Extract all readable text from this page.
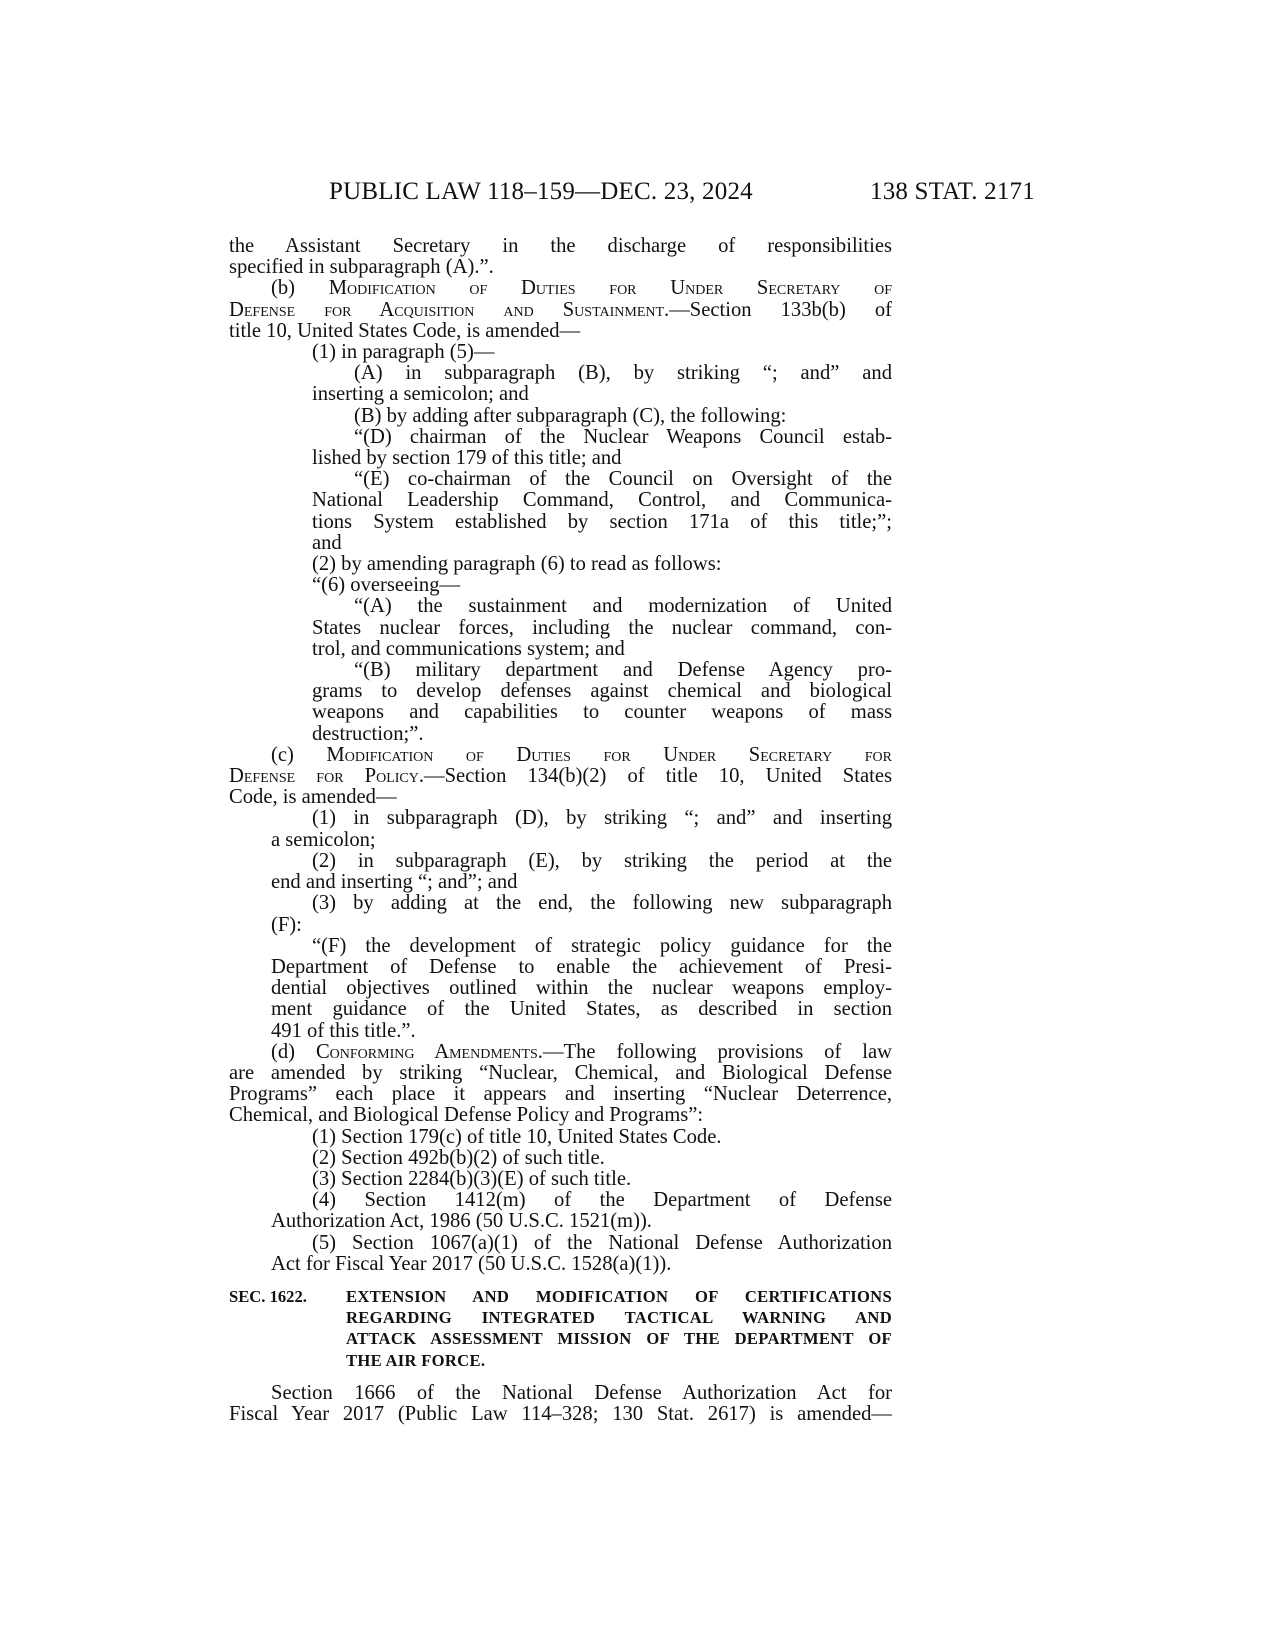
PUBLIC LAW 118–159—DEC. 23, 2024	138 STAT. 2171
the Assistant Secretary in the discharge of responsibilities
specified in subparagraph (A).”.
(b) Modification of Duties for Under Secretary of
Defense for Acquisition and Sustainment.—Section 133b(b) of
title 10, United States Code, is amended—
(1) in paragraph (5)—
(A) in subparagraph (B), by striking “; and” and
inserting a semicolon; and
(B) by adding after subparagraph (C), the following:
“(D) chairman of the Nuclear Weapons Council estab-
lished by section 179 of this title; and
“(E) co-chairman of the Council on Oversight of the
National Leadership Command, Control, and Communica-
tions System established by section 171a of this title;”;
and
(2) by amending paragraph (6) to read as follows:
“(6) overseeing—
“(A) the sustainment and modernization of United
States nuclear forces, including the nuclear command, con-
trol, and communications system; and
“(B) military department and Defense Agency pro-
grams to develop defenses against chemical and biological
weapons and capabilities to counter weapons of mass
destruction;”.
(c) Modification of Duties for Under Secretary for
Defense for Policy.—Section 134(b)(2) of title 10, United States
Code, is amended—
(1) in subparagraph (D), by striking “; and” and inserting
a semicolon;
(2) in subparagraph (E), by striking the period at the
end and inserting “; and”; and
(3) by adding at the end, the following new subparagraph
(F):
“(F) the development of strategic policy guidance for the
Department of Defense to enable the achievement of Presi-
dential objectives outlined within the nuclear weapons employ-
ment guidance of the United States, as described in section
491 of this title.”.
(d) Conforming Amendments.—The following provisions of law
are amended by striking “Nuclear, Chemical, and Biological Defense
Programs” each place it appears and inserting “Nuclear Deterrence,
Chemical, and Biological Defense Policy and Programs”:
(1) Section 179(c) of title 10, United States Code.
(2) Section 492b(b)(2) of such title.
(3) Section 2284(b)(3)(E) of such title.
(4) Section 1412(m) of the Department of Defense
Authorization Act, 1986 (50 U.S.C. 1521(m)).
(5) Section 1067(a)(1) of the National Defense Authorization
Act for Fiscal Year 2017 (50 U.S.C. 1528(a)(1)).
SEC. 1622. EXTENSION AND MODIFICATION OF CERTIFICATIONS
REGARDING INTEGRATED TACTICAL WARNING AND
ATTACK ASSESSMENT MISSION OF THE DEPARTMENT OF
THE AIR FORCE.
Section 1666 of the National Defense Authorization Act for
Fiscal Year 2017 (Public Law 114–328; 130 Stat. 2617) is amended—
